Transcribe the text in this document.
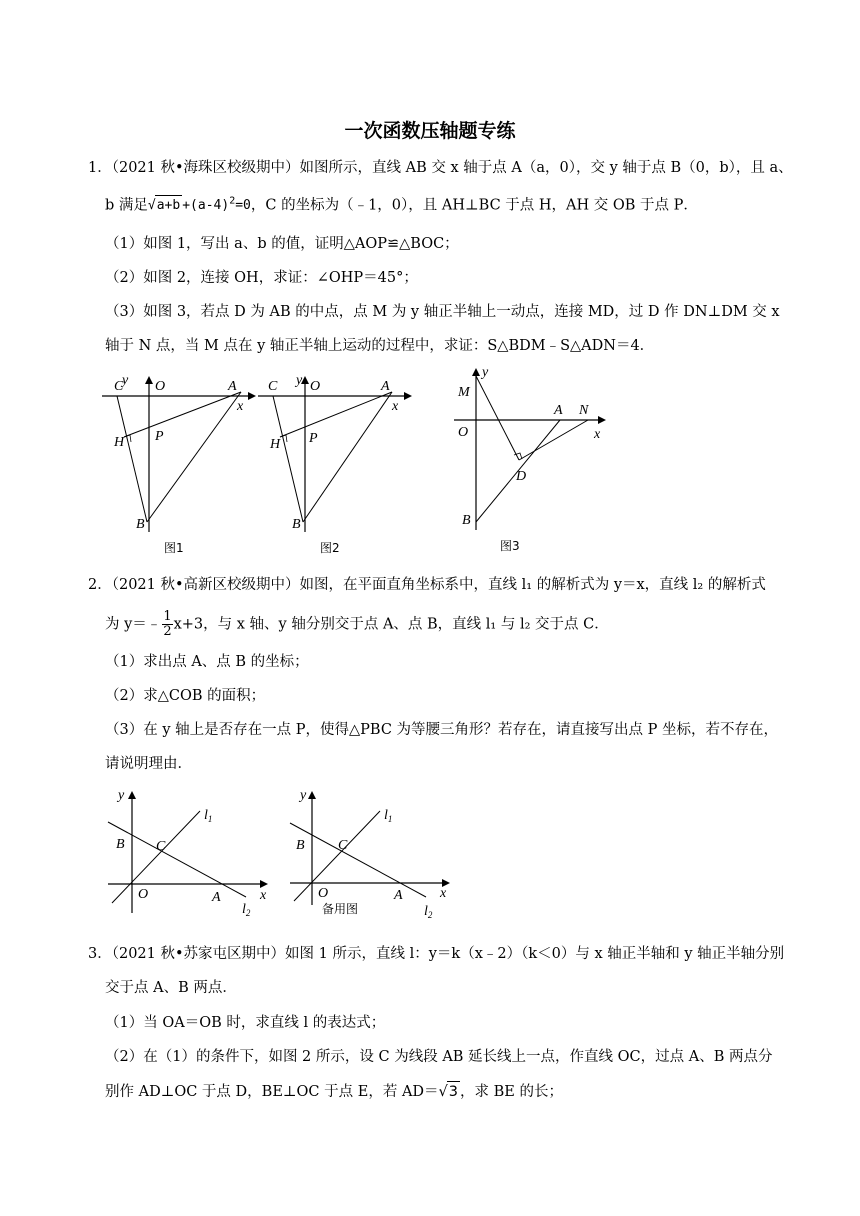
一次函数压轴题专练
1．（2021 秋•海珠区校级期中）如图所示，直线 AB 交 x 轴于点 A（a，0），交 y 轴于点 B（0，b），且 a、
b 满足$√a+b +(a-4)^2=0$，C 的坐标为（﹣1，0），且 AH⊥BC 于点 H，AH 交 OB 于点 P．
（1）如图 1，写出 a、b 的值，证明△AOP≌△BOC；
（2）如图 2，连接 OH，求证：∠OHP＝45°；
（3）如图 3，若点 D 为 AB 的中点，点 M 为 y 轴正半轴上一动点，连接 MD，过 D 作 DN⊥DM 交 x
轴于 N 点，当 M 点在 y 轴正半轴上运动的过程中，求证：S△BDM﹣S△ADN＝4．
y
C O	A
x
H P
B
图1
y
C O	A
x
H P
B
图2
y
M
A N
x
O
D
B
图3
2．（2021 秋•高新区校级期中）如图，在平面直角坐标系中，直线 l₁ 的解析式为 y＝x，直线 l₂ 的解析式
为 y＝﹣ $\frac{1}{2} x+3$，与 x 轴、y 轴分别交于点 A、点 B，直线 l₁ 与 l₂ 交于点 C．
（1）求出点 A、点 B 的坐标；
（2）求△COB 的面积；
（3）在 y 轴上是否存在一点 P，使得△PBC 为等腰三角形？若存在，请直接写出点 P 坐标，若不存在，
请说明理由．
y
$l_1$
B C
O	A	x
$l_2$
y
$l_1$
B C
O	A	x
$l_2$
备用图
3．（2021 秋•苏家屯区期中）如图 1 所示，直线 l：y＝k（x﹣2）（k＜0）与 x 轴正半轴和 y 轴正半轴分别
交于点 A、B 两点．
（1）当 OA＝OB 时，求直线 l 的表达式；
（2）在（1）的条件下，如图 2 所示，设 C 为线段 AB 延长线上一点，作直线 OC，过点 A、B 两点分
别作 AD⊥OC 于点 D，BE⊥OC 于点 E，若 AD＝√3 ，求 BE 的长；
